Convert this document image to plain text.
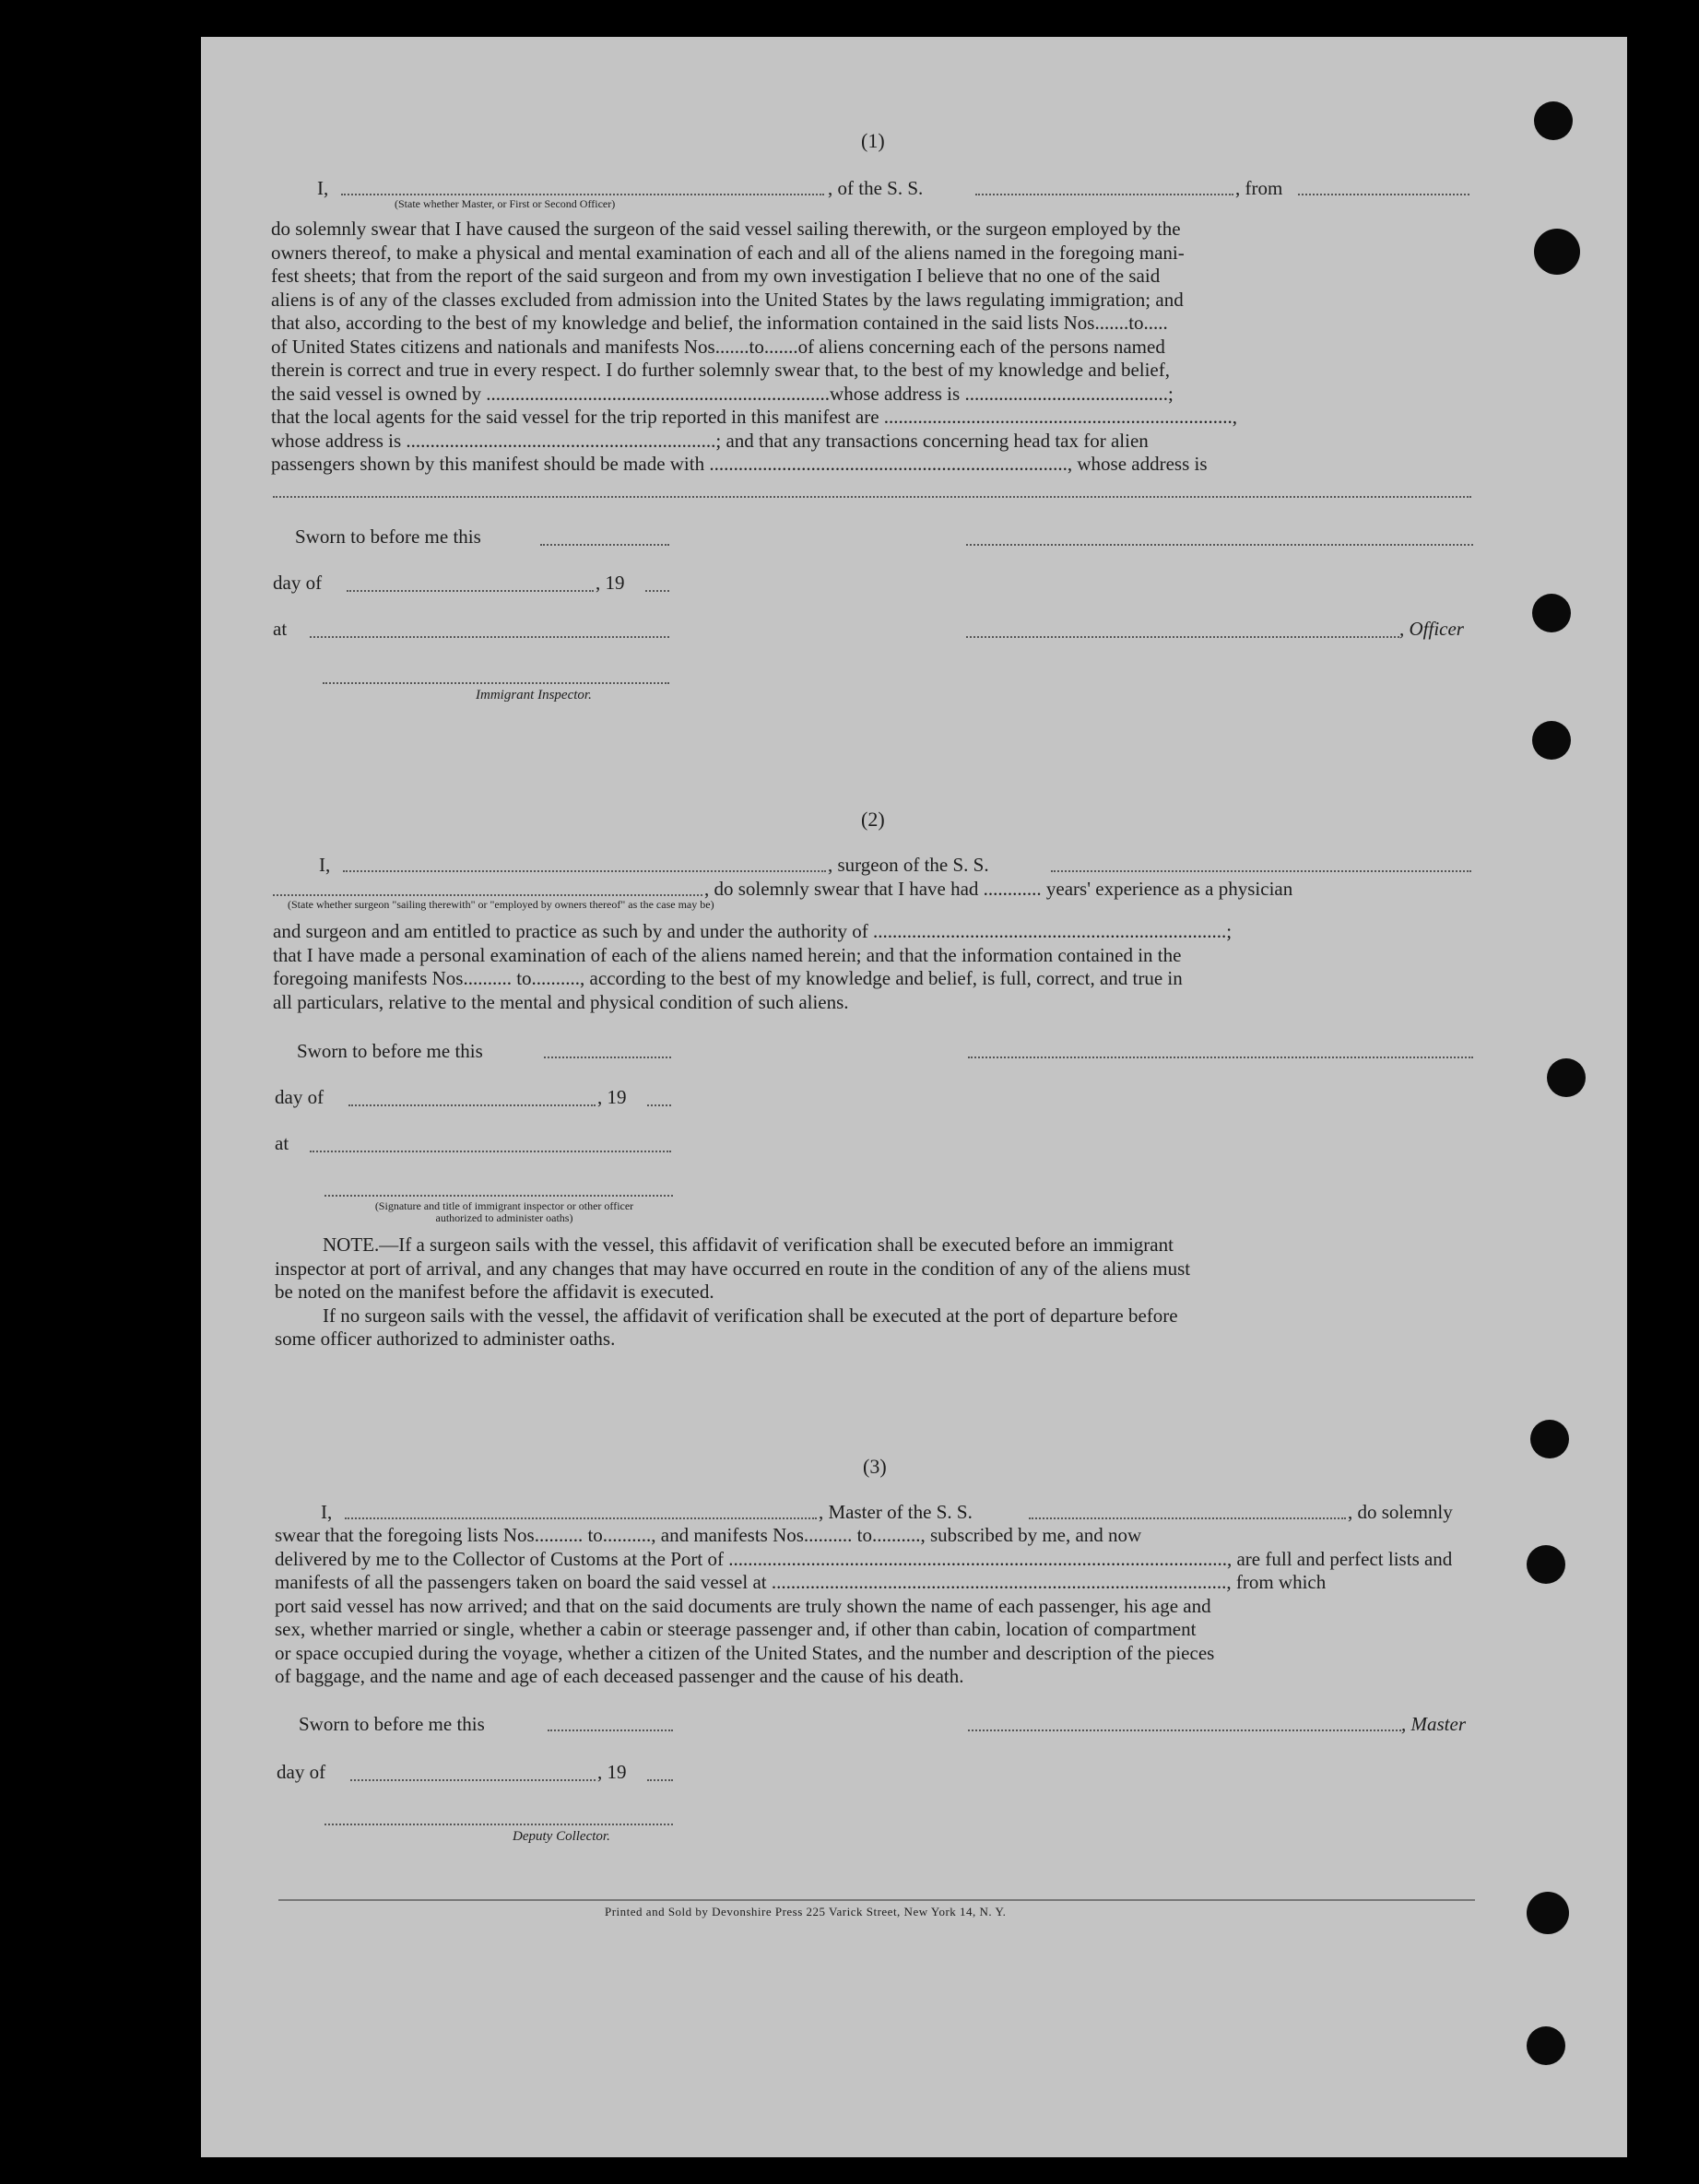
(1)
I,	, of the S. S.	, from
(State whether Master, or First or Second Officer)
do solemnly swear that I have caused the surgeon of the said vessel sailing therewith, or the surgeon employed by the
owners thereof, to make a physical and mental examination of each and all of the aliens named in the foregoing mani-
fest sheets; that from the report of the said surgeon and from my own investigation I believe that no one of the said
aliens is of any of the classes excluded from admission into the United States by the laws regulating immigration; and
that also, according to the best of my knowledge and belief, the information contained in the said lists Nos.......to.....
of United States citizens and nationals and manifests Nos.......to.......of aliens concerning each of the persons named
therein is correct and true in every respect. I do further solemnly swear that, to the best of my knowledge and belief,
the said vessel is owned by .......................................................................whose address is ..........................................;
that the local agents for the said vessel for the trip reported in this manifest are ........................................................................,
whose address is ................................................................; and that any transactions concerning head tax for alien
passengers shown by this manifest should be made with .........................................................................., whose address is
Sworn to before me this
day of	, 19
at	, Officer
Immigrant Inspector.
(2)
I,	, surgeon of the S. S.
, do solemnly swear that I have had ............ years' experience as a physician
(State whether surgeon "sailing therewith" or "employed by owners thereof" as the case may be)
and surgeon and am entitled to practice as such by and under the authority of .........................................................................;
that I have made a personal examination of each of the aliens named herein; and that the information contained in the
foregoing manifests Nos.......... to.........., according to the best of my knowledge and belief, is full, correct, and true in
all particulars, relative to the mental and physical condition of such aliens.
Sworn to before me this
day of	, 19
at
(Signature and title of immigrant inspector or other officer authorized to administer oaths)
NOTE.—If a surgeon sails with the vessel, this affidavit of verification shall be executed before an immigrant
inspector at port of arrival, and any changes that may have occurred en route in the condition of any of the aliens must
be noted on the manifest before the affidavit is executed.
If no surgeon sails with the vessel, the affidavit of verification shall be executed at the port of departure before
some officer authorized to administer oaths.
(3)
I,	, Master of the S. S.	, do solemnly
swear that the foregoing lists Nos.......... to.........., and manifests Nos.......... to.........., subscribed by me, and now
delivered by me to the Collector of Customs at the Port of ......................................................................................................., are full and perfect lists and
manifests of all the passengers taken on board the said vessel at .............................................................................................., from which
port said vessel has now arrived; and that on the said documents are truly shown the name of each passenger, his age and
sex, whether married or single, whether a cabin or steerage passenger and, if other than cabin, location of compartment
or space occupied during the voyage, whether a citizen of the United States, and the number and description of the pieces
of baggage, and the name and age of each deceased passenger and the cause of his death.
Sworn to before me this	, Master
day of	, 19
Deputy Collector.
Printed and Sold by Devonshire Press 225 Varick Street, New York 14, N. Y.
